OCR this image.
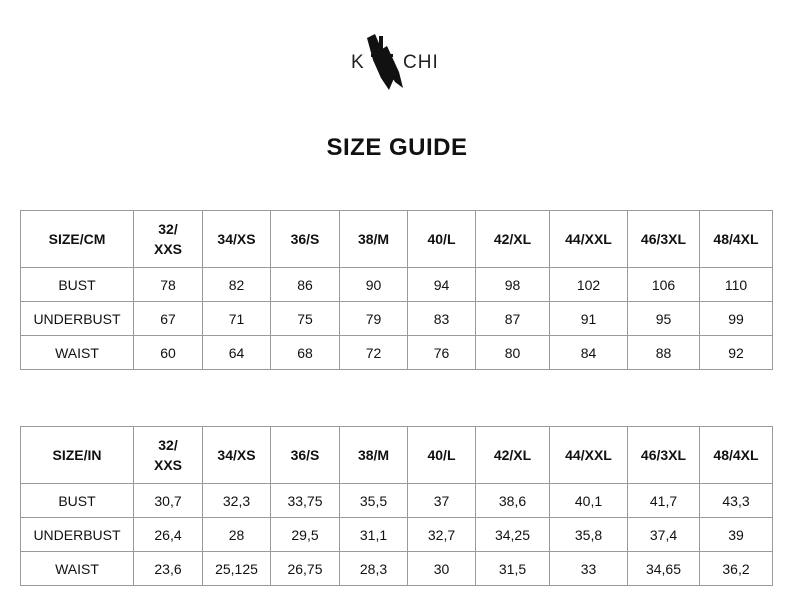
K CHI
SIZE GUIDE
SIZE/CM	32/ XXS	34/XS	36/S	38/M	40/L	42/XL	44/XXL	46/3XL	48/4XL
BUST	78	82	86	90	94	98	102	106	110
UNDERBUST	67	71	75	79	83	87	91	95	99
WAIST	60	64	68	72	76	80	84	88	92
SIZE/IN	32/ XXS	34/XS	36/S	38/M	40/L	42/XL	44/XXL	46/3XL	48/4XL
BUST	30,7	32,3	33,75	35,5	37	38,6	40,1	41,7	43,3
UNDERBUST	26,4	28	29,5	31,1	32,7	34,25	35,8	37,4	39
WAIST	23,6	25,125	26,75	28,3	30	31,5	33	34,65	36,2
